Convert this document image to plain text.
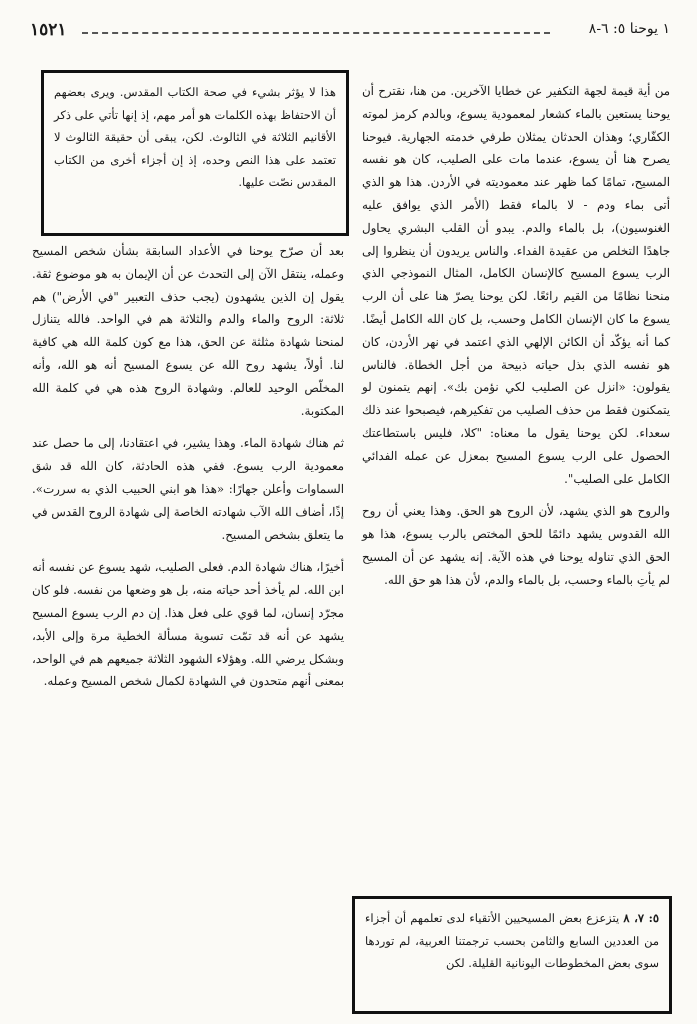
١٥٢١	١ يوحنا ٥: ٦-٨
هذا لا يؤثر بشيء في صحة الكتاب المقدس. ويرى بعضهم أن الاحتفاظ بهذه الكلمات هو أمر مهم، إذ إنها تأتي على ذكر الأقانيم الثلاثة في الثالوث. لكن، يبقى أن حقيقة الثالوث لا تعتمد على هذا النص وحده، إذ إن أجزاء أخرى من الكتاب المقدس نصّت عليها.

من أية قيمة لجهة التكفير عن خطايا الآخرين. من هنا، نقترح أن يوحنا يستعين بالماء كشعار لمعمودية يسوع، وبالدم كرمز لموته الكفّاري؛ وهذان الحدثان يمثلان طرفي خدمته الجهارية. فيوحنا يصرح هنا أن يسوع، عندما مات على الصليب، كان هو نفسه المسيح، تمامًا كما ظهر عند معموديته في الأردن. هذا هو الذي أتى بماء ودم - لا بالماء فقط (الأمر الذي يوافق عليه الغنوسيون)، بل بالماء والدم. يبدو أن القلب البشري يحاول جاهدًا التخلص من عقيدة الفداء. والناس يريدون أن ينظروا إلى الرب يسوع المسيح كالإنسان الكامل، المثال النموذجي الذي منحنا نظامًا من القيم رائعًا. لكن يوحنا يصرّ هنا على أن الرب يسوع ما كان الإنسان الكامل وحسب، بل كان الله الكامل أيضًا. كما أنه يؤكّد أن الكائن الإلهي الذي اعتمد في نهر الأردن، كان هو نفسه الذي بذل حياته ذبيحة من أجل الخطاة. فالناس يقولون: «انزل عن الصليب لكي نؤمن بك». إنهم يتمنون لو يتمكنون فقط من حذف الصليب من تفكيرهم، فيصبحوا عند ذلك سعداء. لكن يوحنا يقول ما معناه: "كلا، فليس باستطاعتك الحصول على الرب يسوع المسيح بمعزل عن عمله الفدائي الكامل على الصليب".

والروح هو الذي يشهد، لأن الروح هو الحق. وهذا يعني أن روح الله القدوس يشهد دائمًا للحق المختص بالرب يسوع، هذا هو الحق الذي تناوله يوحنا في هذه الآية. إنه يشهد عن أن المسيح لم يأتِ بالماء وحسب، بل بالماء والدم، لأن هذا هو حق الله.

بعد أن صرّح يوحنا في الأعداد السابقة بشأن شخص المسيح وعمله، ينتقل الآن إلى التحدث عن أن الإيمان به هو موضوع ثقة. يقول إن الذين يشهدون (يجب حذف التعبير "في الأرض") هم ثلاثة: الروح والماء والدم والثلاثة هم في الواحد. فالله يتنازل لمنحنا شهادة مثلثة عن الحق، هذا مع كون كلمة الله هي كافية لنا. أولاً، يشهد روح الله عن يسوع المسيح أنه هو الله، وأنه المخلّص الوحيد للعالم. وشهادة الروح هذه هي في كلمة الله المكتوبة.

ثم هناك شهادة الماء. وهذا يشير، في اعتقادنا، إلى ما حصل عند معمودية الرب يسوع. ففي هذه الحادثة، كان الله قد شق السماوات وأعلن جهارًا: «هذا هو ابني الحبيب الذي به سررت». إذًا، أضاف الله الآب شهادته الخاصة إلى شهادة الروح القدس في ما يتعلق بشخص المسيح.

أخيرًا، هناك شهادة الدم. فعلى الصليب، شهد يسوع عن نفسه أنه ابن الله. لم يأخذ أحد حياته منه، بل هو وضعها من نفسه. فلو كان مجرّد إنسان، لما قوي على فعل هذا. إن دم الرب يسوع المسيح يشهد عن أنه قد تمّت تسوية مسألة الخطية مرة وإلى الأبد، وبشكل يرضي الله. وهؤلاء الشهود الثلاثة جميعهم هم في الواحد، بمعنى أنهم متحدون في الشهادة لكمال شخص المسيح وعمله.

٥: ٧، ٨ يتزعزع بعض المسيحيين الأتقياء لدى تعلمهم أن أجزاء من العددين السابع والثامن بحسب ترجمتنا العربية، لم توردها سوى بعض المخطوطات اليونانية القليلة. لكن
